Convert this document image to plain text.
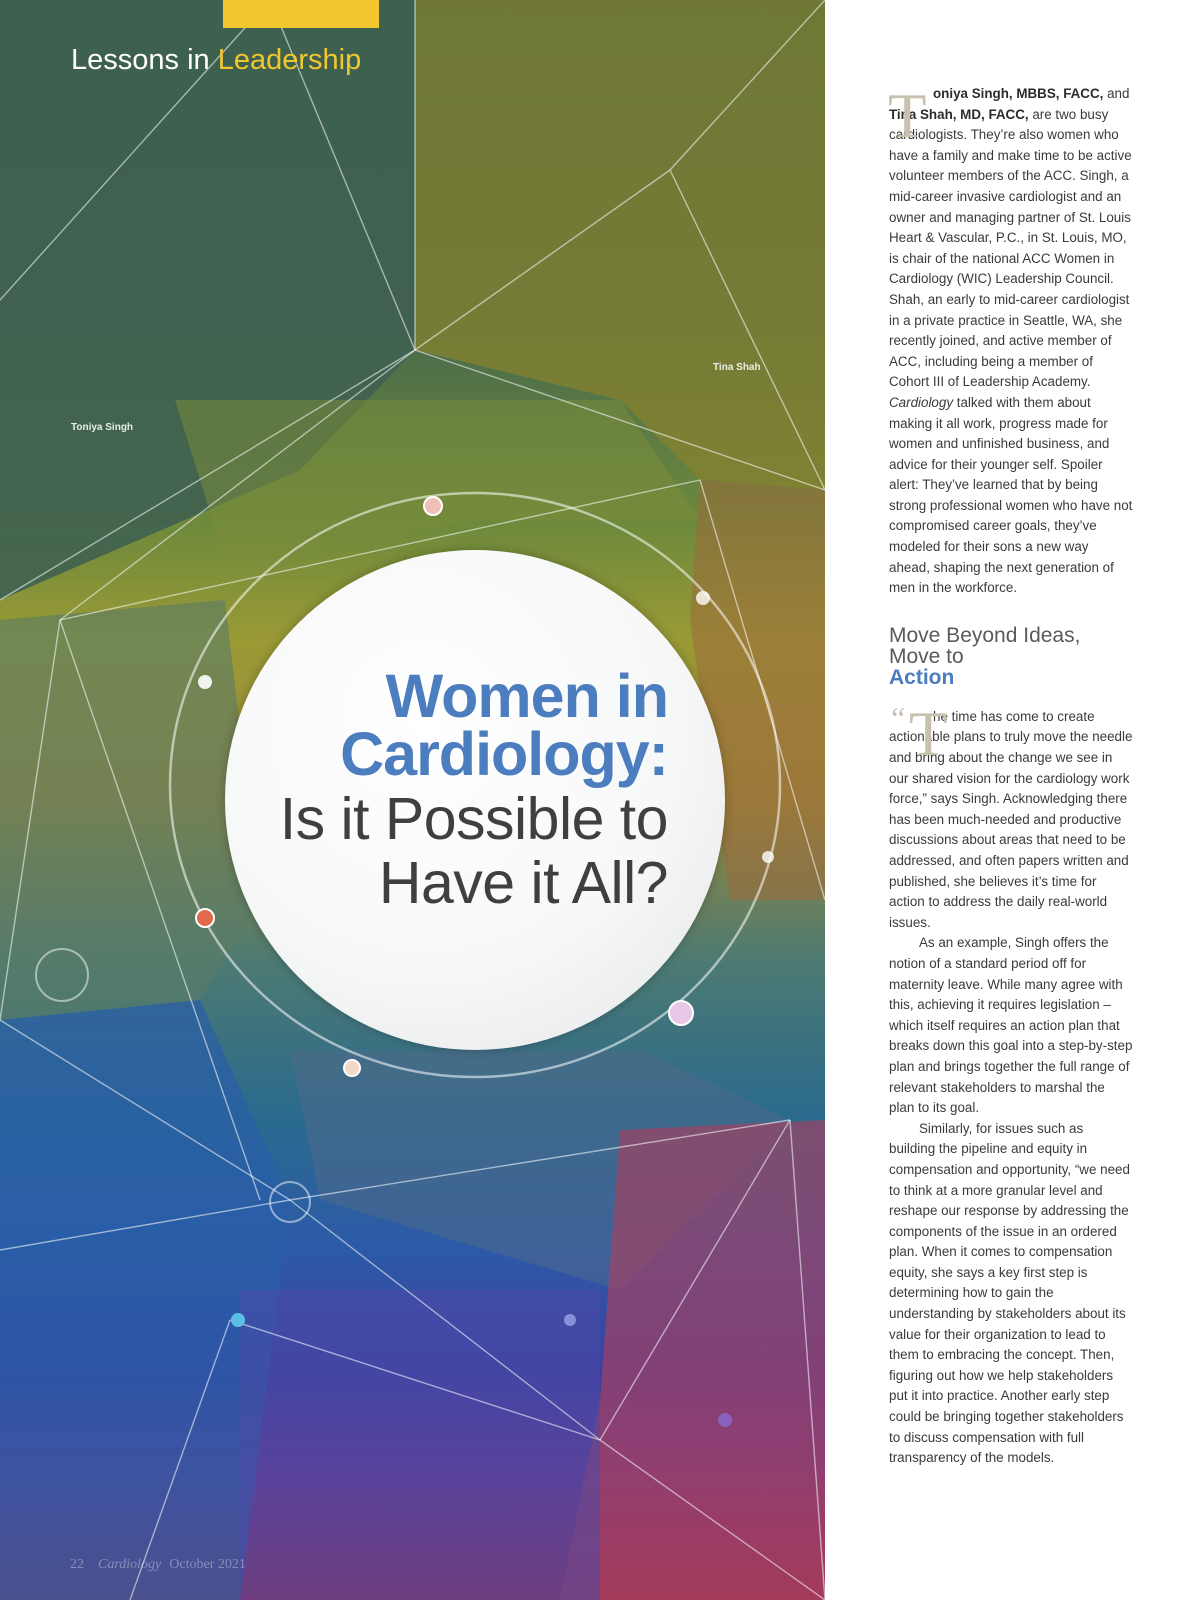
Lessons in Leadership
Toniya Singh
Tina Shah
Women in
Cardiology:
Is it Possible to
Have it All?
22 Cardiology October 2021

T oniya Singh, MBBS, FACC, and Tina Shah, MD, FACC, are two busy cardiologists. They’re also women who have a family and make time to be active volunteer members of the ACC. Singh, a mid-career invasive cardiologist and an owner and managing partner of St. Louis Heart & Vascular, P.C., in St. Louis, MO, is chair of the national ACC Women in Cardiology (WIC) Leadership Council. Shah, an early to mid-career cardiologist in a private practice in Seattle, WA, she recently joined, and active member of ACC, including being a member of Cohort III of Leadership Academy. Cardiology talked with them about making it all work, progress made for women and unfinished business, and advice for their younger self. Spoiler alert: They’ve learned that by being strong professional women who have not compromised career goals, they’ve modeled for their sons a new way ahead, shaping the next generation of men in the workforce.

Move Beyond Ideas,
Move to
Action

“ T
he time has come to create actionable plans to truly move the needle and bring about the change we see in our shared vision for the cardiology work force,” says Singh. Acknowledging there has been much-needed and productive discussions about areas that need to be addressed, and often papers written and published, she believes it’s time for action to address the daily real-world issues.

As an example, Singh offers the notion of a standard period off for maternity leave. While many agree with this, achieving it requires legislation – which itself requires an action plan that breaks down this goal into a step-by-step plan and brings together the full range of relevant stakeholders to marshal the plan to its goal.

Similarly, for issues such as building the pipeline and equity in compensation and opportunity, “we need to think at a more granular level and reshape our response by addressing the components of the issue in an ordered plan. When it comes to compensation equity, she says a key first step is determining how to gain the understanding by stakeholders about its value for their organization to lead to them to embracing the concept. Then, figuring out how we help stakeholders put it into practice. Another early step could be bringing together stakeholders to discuss compensation with full transparency of the models.
